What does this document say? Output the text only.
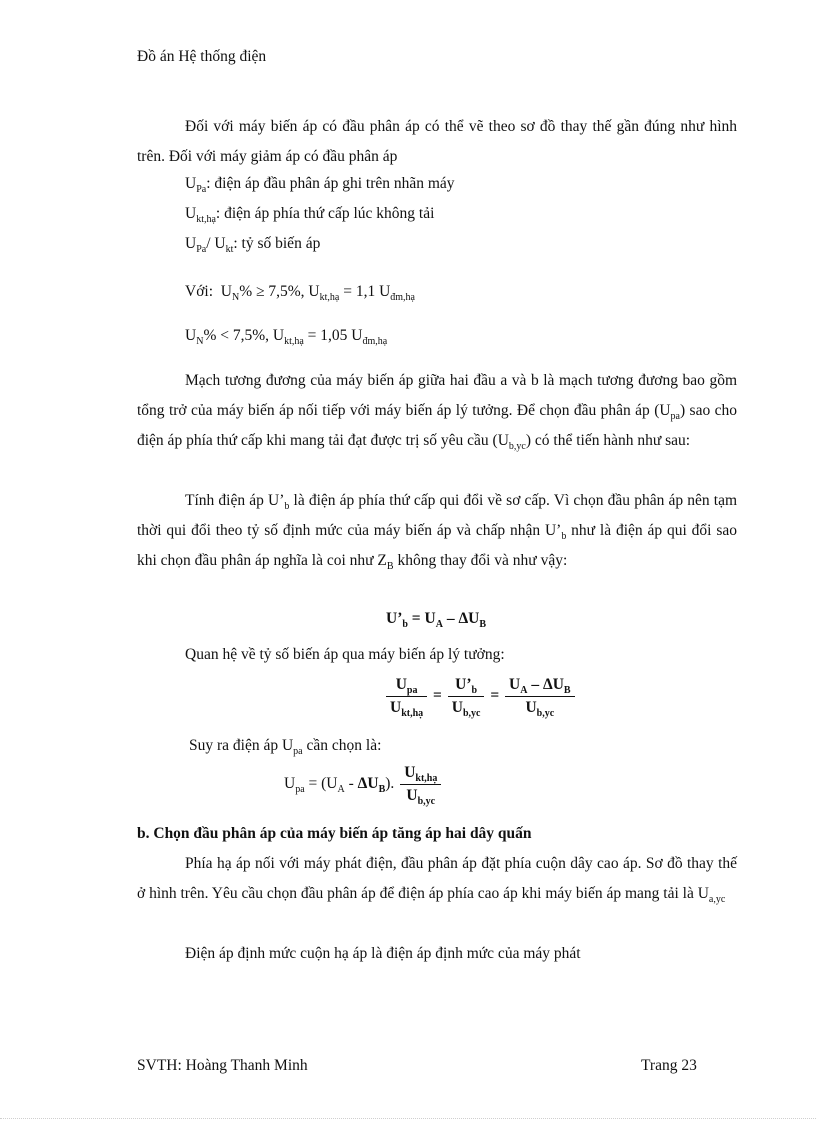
Đồ án Hệ thống điện

Đối với máy biến áp có đầu phân áp có thể vẽ theo sơ đồ thay thế gần đúng như hình trên. Đối với máy giảm áp có đầu phân áp

$U_{Pa}$: điện áp đầu phân áp ghi trên nhãn máy
$U_{kt,hạ}$: điện áp phía thứ cấp lúc không tải
$U_{Pa}/$ $U_{kt}$: tỷ số biến áp
Với:  $U_N\% \ge 7,5\%$, $U_{kt,hạ} = 1,1$ $U_{đm,hạ}$
$U_N\% < 7,5\%$, $U_{kt,hạ} = 1,05$ $U_{đm,hạ}$

Mạch tương đương của máy biến áp giữa hai đầu a và b là mạch tương đương bao gồm tổng trở của máy biến áp nối tiếp với máy biến áp lý tưởng. Để chọn đầu phân áp $(U_{pa})$ sao cho điện áp phía thứ cấp khi mang tải đạt được trị số yêu cầu $(U_{b,yc})$ có thể tiến hành như sau:

Tính điện áp $U’_b$ là điện áp phía thứ cấp qui đổi về sơ cấp. Vì chọn đầu phân áp nên tạm thời qui đổi theo tỷ số định mức của máy biến áp và chấp nhận $U’_b$ như là điện áp qui đổi sao khi chọn đầu phân áp nghĩa là coi như $Z_B$ không thay đổi và như vậy:

$U’_b = U_A - \Delta U_B$
Quan hệ về tỷ số biến áp qua máy biến áp lý tưởng:
$\frac{U_{pa}}{U_{kt,hạ}} = \frac{U’_b}{U_{b,yc}} = \frac{U_A - \Delta U_B}{U_{b,yc}}$
Suy ra điện áp $U_{pa}$ cần chọn là:
$U_{pa} = (U_A - \Delta U_B)$. $\frac{U_{kt,hạ}}{U_{b,yc}}$
b. Chọn đầu phân áp của máy biến áp tăng áp hai dây quấn

Phía hạ áp nối với máy phát điện, đầu phân áp đặt phía cuộn dây cao áp. Sơ đồ thay thế ở hình trên. Yêu cầu chọn đầu phân áp để điện áp phía cao áp khi máy biến áp mang tải là $U_{a,yc}$

Điện áp định mức cuộn hạ áp là điện áp định mức của máy phát
SVTH: Hoàng Thanh Minh	Trang 23
